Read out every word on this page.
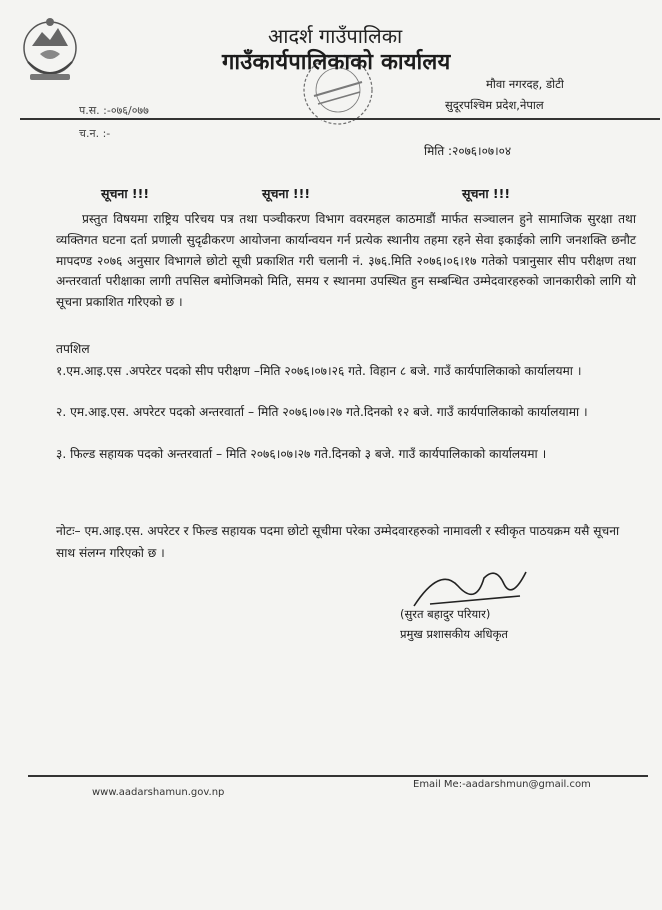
आदर्श गाउँपालिका
गाउँकार्यपालिकाको कार्यालय
मौवा नगरदह, डोटी
सुदूरपश्चिम प्रदेश,नेपाल
प.स. :-०७६/०७७
च.न. :-
मिति :२०७६।०७।०४
सूचना !!!	सूचना !!!	सूचना !!!
प्रस्तुत विषयमा राष्ट्रिय परिचय पत्र तथा पञ्चीकरण विभाग ववरमहल काठमाडौं मार्फत सञ्चालन हुने सामाजिक सुरक्षा तथा व्यक्तिगत घटना दर्ता प्रणाली सुदृढीकरण आयोजना कार्यान्वयन गर्न प्रत्येक स्थानीय तहमा रहने सेवा इकाईको लागि जनशक्ति छनौट मापदण्ड २०७६ अनुसार विभागले छोटो सूची प्रकाशित गरी चलानी नं. ३७६.मिति २०७६।०६।१७ गतेको पत्रानुसार सीप परीक्षण तथा अन्तरवार्ता परीक्षाका लागी तपसिल बमोजिमको मिति, समय र स्थानमा उपस्थित हुन सम्बन्धित उम्मेदवारहरुको जानकारीको लागि यो सूचना प्रकाशित गरिएको छ ।
तपशिल
१.एम.आइ.एस .अपरेटर पदको सीप परीक्षण –मिति २०७६।०७।२६ गते. विहान ८ बजे. गाउँ कार्यपालिकाको कार्यालयमा ।
२. एम.आइ.एस. अपरेटर पदको अन्तरवार्ता – मिति २०७६।०७।२७ गते.दिनको १२ बजे. गाउँ कार्यपालिकाको कार्यालयामा ।
३. फिल्ड सहायक पदको अन्तरवार्ता – मिति २०७६।०७।२७ गते.दिनको ३ बजे. गाउँ कार्यपालिकाको कार्यालयमा ।
नोटः– एम.आइ.एस. अपरेटर र फिल्ड सहायक पदमा छोटो सूचीमा परेका उम्मेदवारहरुको नामावली र स्वीकृत पाठयक्रम यसै सूचना साथ संलग्न गरिएको छ ।
(सुरत बहादुर परियार)
प्रमुख प्रशासकीय अधिकृत
www.aadarshamun.gov.np
Email Me:-aadarshmun@gmail.com
